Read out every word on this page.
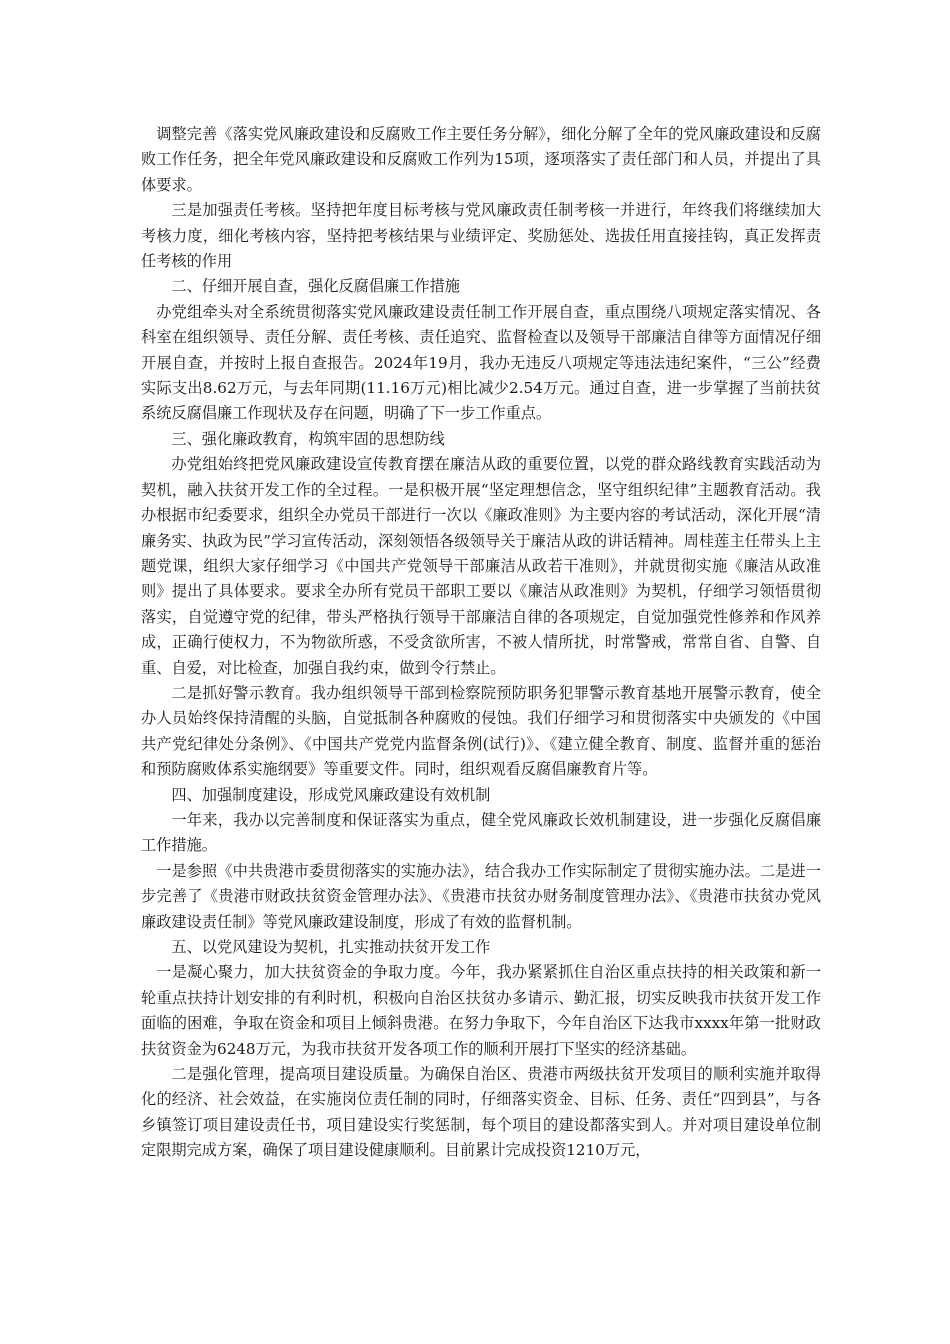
调整完善《落实党风廉政建设和反腐败工作主要任务分解》，细化分解了全年的党风廉政建设和反腐败工作任务，把全年党风廉政建设和反腐败工作列为15项，逐项落实了责任部门和人员，并提出了具体要求。

三是加强责任考核。坚持把年度目标考核与党风廉政责任制考核一并进行，年终我们将继续加大考核力度，细化考核内容，坚持把考核结果与业绩评定、奖励惩处、选拔任用直接挂钩，真正发挥责任考核的作用

二、仔细开展自查，强化反腐倡廉工作措施

办党组牵头对全系统贯彻落实党风廉政建设责任制工作开展自查，重点围绕八项规定落实情况、各科室在组织领导、责任分解、责任考核、责任追究、监督检查以及领导干部廉洁自律等方面情况仔细开展自查，并按时上报自查报告。2024年19月，我办无违反八项规定等违法违纪案件，“三公”经费实际支出8.62万元，与去年同期(11.16万元)相比减少2.54万元。通过自查，进一步掌握了当前扶贫系统反腐倡廉工作现状及存在问题，明确了下一步工作重点。

三、强化廉政教育，构筑牢固的思想防线

办党组始终把党风廉政建设宣传教育摆在廉洁从政的重要位置，以党的群众路线教育实践活动为契机，融入扶贫开发工作的全过程。一是积极开展“坚定理想信念，坚守组织纪律”主题教育活动。我办根据市纪委要求，组织全办党员干部进行一次以《廉政准则》为主要内容的考试活动，深化开展“清廉务实、执政为民”学习宣传活动，深刻领悟各级领导关于廉洁从政的讲话精神。周桂莲主任带头上主题党课，组织大家仔细学习《中国共产党领导干部廉洁从政若干准则》，并就贯彻实施《廉洁从政准则》提出了具体要求。要求全办所有党员干部职工要以《廉洁从政准则》为契机，仔细学习领悟贯彻落实，自觉遵守党的纪律，带头严格执行领导干部廉洁自律的各项规定，自觉加强党性修养和作风养成，正确行使权力，不为物欲所惑，不受贪欲所害，不被人情所扰，时常警戒，常常自省、自警、自重、自爱，对比检查，加强自我约束，做到令行禁止。

二是抓好警示教育。我办组织领导干部到检察院预防职务犯罪警示教育基地开展警示教育，使全办人员始终保持清醒的头脑，自觉抵制各种腐败的侵蚀。我们仔细学习和贯彻落实中央颁发的《中国共产党纪律处分条例》、《中国共产党党内监督条例(试行)》、《建立健全教育、制度、监督并重的惩治和预防腐败体系实施纲要》等重要文件。同时，组织观看反腐倡廉教育片等。

四、加强制度建设，形成党风廉政建设有效机制

一年来，我办以完善制度和保证落实为重点，健全党风廉政长效机制建设，进一步强化反腐倡廉工作措施。

一是参照《中共贵港市委贯彻落实的实施办法》，结合我办工作实际制定了贯彻实施办法。二是进一步完善了《贵港市财政扶贫资金管理办法》、《贵港市扶贫办财务制度管理办法》、《贵港市扶贫办党风廉政建设责任制》等党风廉政建设制度，形成了有效的监督机制。

五、以党风建设为契机，扎实推动扶贫开发工作

一是凝心聚力，加大扶贫资金的争取力度。今年，我办紧紧抓住自治区重点扶持的相关政策和新一轮重点扶持计划安排的有利时机，积极向自治区扶贫办多请示、勤汇报，切实反映我市扶贫开发工作面临的困难，争取在资金和项目上倾斜贵港。在努力争取下，今年自治区下达我市xxxx年第一批财政扶贫资金为6248万元，为我市扶贫开发各项工作的顺利开展打下坚实的经济基础。

二是强化管理，提高项目建设质量。为确保自治区、贵港市两级扶贫开发项目的顺利实施并取得化的经济、社会效益，在实施岗位责任制的同时，仔细落实资金、目标、任务、责任“四到县”，与各乡镇签订项目建设责任书，项目建设实行奖惩制，每个项目的建设都落实到人。并对项目建设单位制定限期完成方案，确保了项目建设健康顺利。目前累计完成投资1210万元，
